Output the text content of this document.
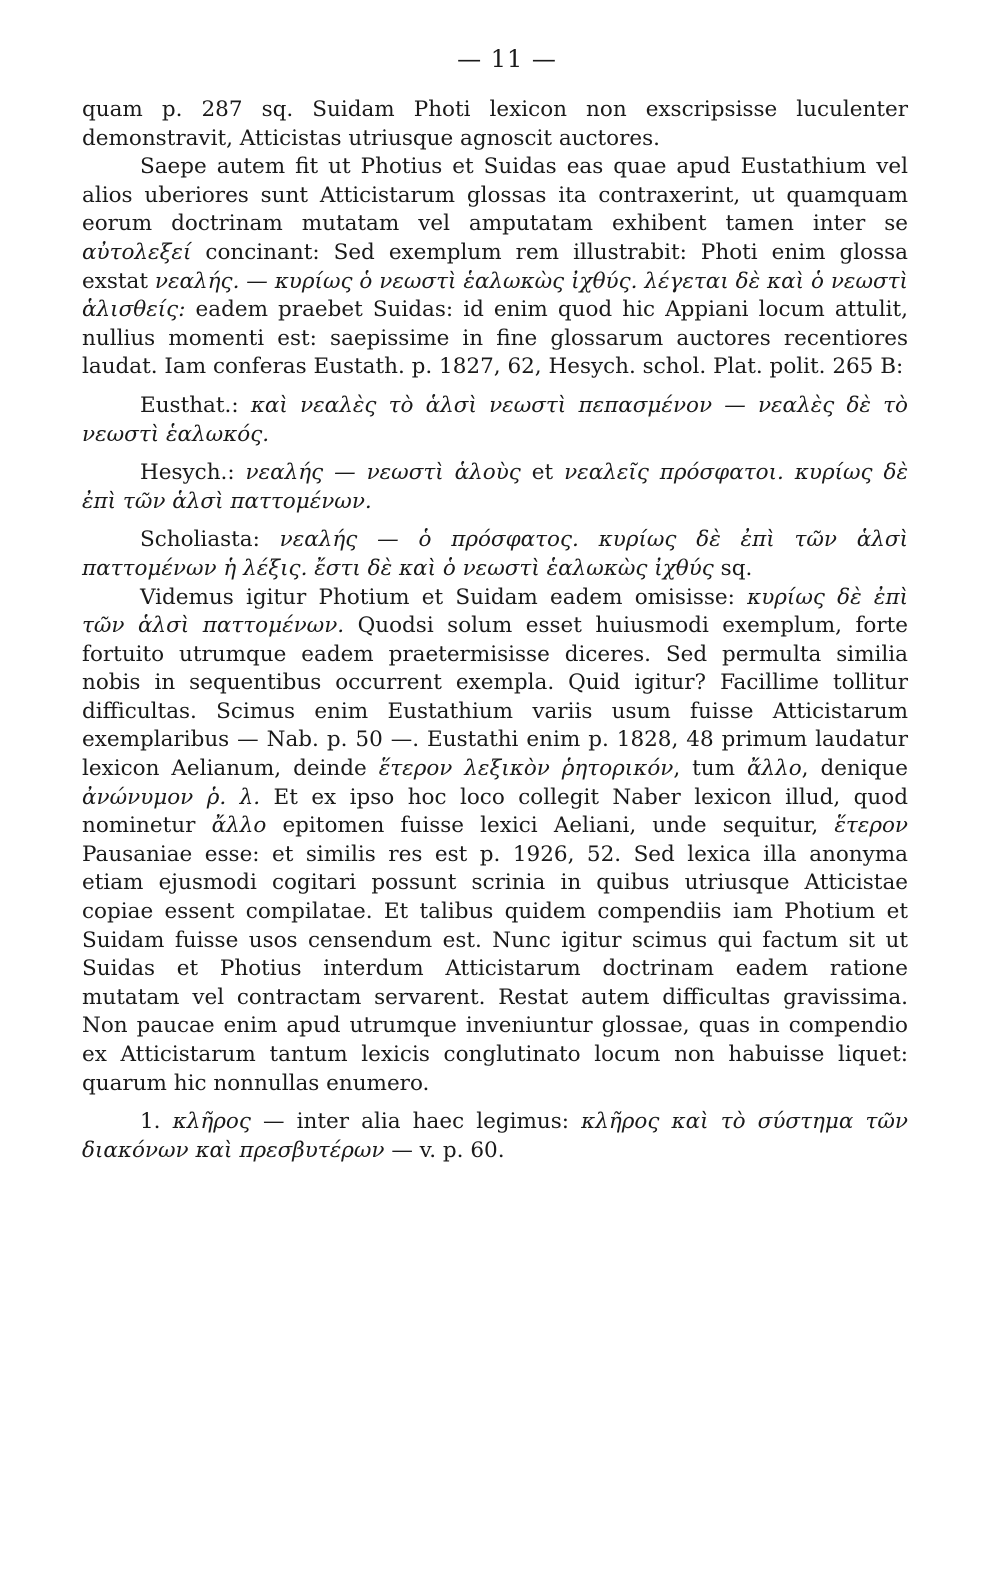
— 11 —

quam p. 287 sq. Suidam Photi lexicon non exscripsisse luculenter demonstravit, Atticistas utriusque agnoscit auctores.

Saepe autem fit ut Photius et Suidas eas quae apud Eustathium vel alios uberiores sunt Atticistarum glossas ita contraxerint, ut quamquam eorum doctrinam mutatam vel amputatam exhibent tamen inter se αὐτολεξεί concinant: Sed exemplum rem illustrabit: Photi enim glossa exstat νεαλής. — κυρίως ὁ νεωστὶ ἑαλωκὼς ἰχθύς. λέγεται δὲ καὶ ὁ νεωστὶ ἁλισθείς: eadem praebet Suidas: id enim quod hic Appiani locum attulit, nullius momenti est: saepissime in fine glossarum auctores recentiores laudat. Iam conferas Eustath. p. 1827, 62, Hesych. schol. Plat. polit. 265 B:

Eusthat.: καὶ νεαλὲς τὸ ἁλσὶ νεωστὶ πεπασμένον — νεαλὲς δὲ τὸ νεωστὶ ἑαλωκός.

Hesych.: νεαλής — νεωστὶ ἁλοὺς et νεαλεῖς πρόσφατοι. κυρίως δὲ ἐπὶ τῶν ἁλσὶ παττομένων.

Scholiasta: νεαλής — ὁ πρόσφατος. κυρίως δὲ ἐπὶ τῶν ἁλσὶ παττομένων ἡ λέξις. ἔστι δὲ καὶ ὁ νεωστὶ ἑαλωκὼς ἰχθύς sq.

Videmus igitur Photium et Suidam eadem omisisse: κυρίως δὲ ἐπὶ τῶν ἁλσὶ παττομένων. Quodsi solum esset huiusmodi exemplum, forte fortuito utrumque eadem praetermisisse diceres. Sed permulta similia nobis in sequentibus occurrent exempla. Quid igitur? Facillime tollitur difficultas. Scimus enim Eustathium variis usum fuisse Atticistarum exemplaribus — Nab. p. 50 —. Eustathi enim p. 1828, 48 primum laudatur lexicon Aelianum, deinde ἕτερον λεξικὸν ῥητορικόν, tum ἄλλο, denique ἀνώνυμον ῥ. λ. Et ex ipso hoc loco collegit Naber lexicon illud, quod nominetur ἄλλο epitomen fuisse lexici Aeliani, unde sequitur, ἕτερον Pausaniae esse: et similis res est p. 1926, 52. Sed lexica illa anonyma etiam ejusmodi cogitari possunt scrinia in quibus utriusque Atticistae copiae essent compilatae. Et talibus quidem compendiis iam Photium et Suidam fuisse usos censendum est. Nunc igitur scimus qui factum sit ut Suidas et Photius interdum Atticistarum doctrinam eadem ratione mutatam vel contractam servarent. Restat autem difficultas gravissima. Non paucae enim apud utrumque inveniuntur glossae, quas in compendio ex Atticistarum tantum lexicis conglutinato locum non habuisse liquet: quarum hic nonnullas enumero.

1. κλῆρος — inter alia haec legimus: κλῆρος καὶ τὸ σύστημα τῶν διακόνων καὶ πρεσβυτέρων — v. p. 60.
